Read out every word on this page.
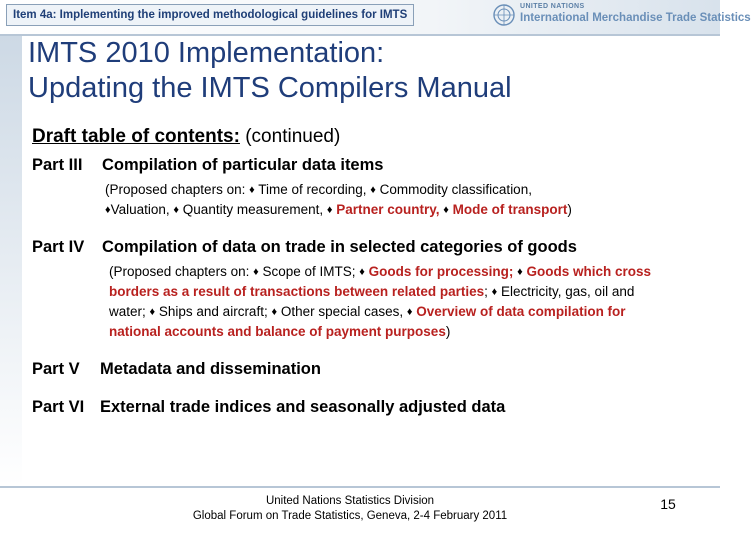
Item 4a: Implementing the improved methodological guidelines for IMTS
UNITED NATIONS
International Merchandise Trade Statistics
IMTS 2010 Implementation:
Updating the IMTS Compilers Manual
Draft table of contents: (continued)
Part III Compilation of particular data items
(Proposed chapters on: ♦ Time of recording, ♦ Commodity classification,
♦Valuation, ♦ Quantity measurement, ♦ Partner country, ♦ Mode of transport)
Part IV Compilation of data on trade in selected categories of goods
(Proposed chapters on: ♦ Scope of IMTS; ♦ Goods for processing; ♦ Goods which cross borders as a result of transactions between related parties; ♦ Electricity, gas, oil and water; ♦ Ships and aircraft; ♦ Other special cases, ♦ Overview of data compilation for national accounts and balance of payment purposes)
Part V Metadata and dissemination
Part VI External trade indices and seasonally adjusted data
United Nations Statistics Division
Global Forum on Trade Statistics, Geneva, 2-4 February 2011
15
